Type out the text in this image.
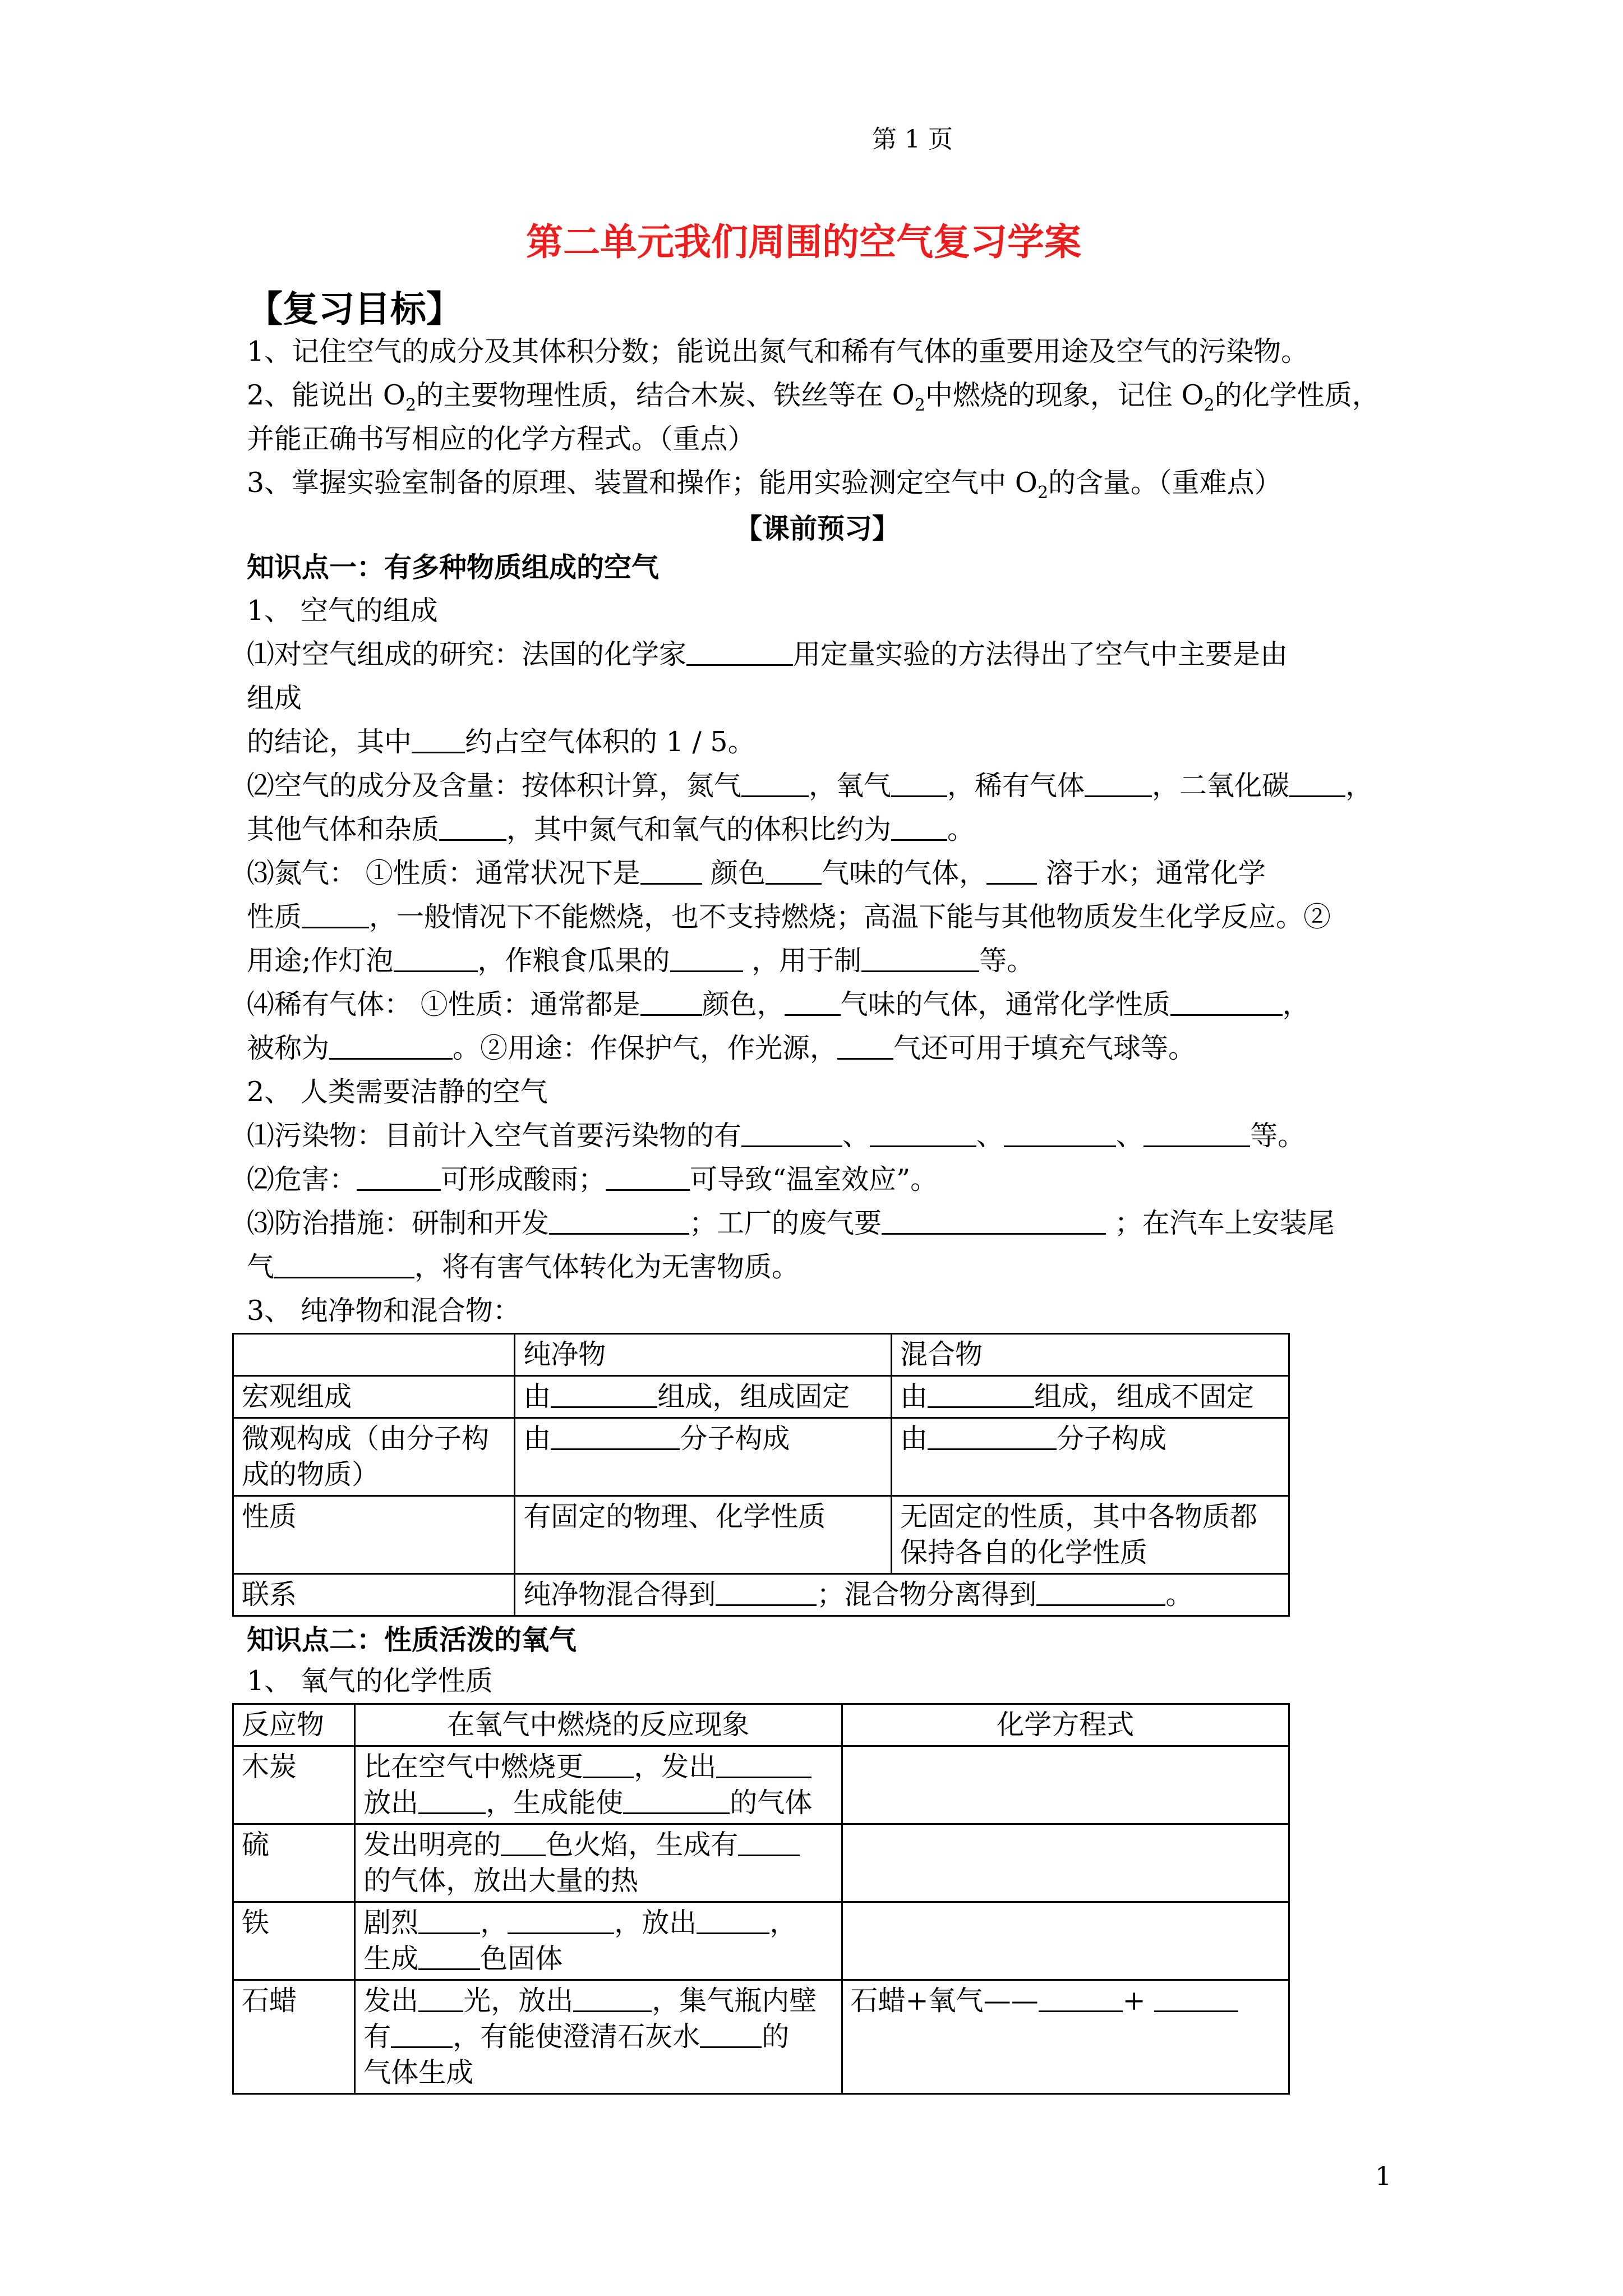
第 1 页
第二单元我们周围的空气复习学案
【复习目标】
1、记住空气的成分及其体积分数；能说出氮气和稀有气体的重要用途及空气的污染物。
2、能说出 $O_2$的主要物理性质，结合木炭、铁丝等在 $O_2$中燃烧的现象，记住 $O_2$的化学性质，
并能正确书写相应的化学方程式。（重点）
3、掌握实验室制备的原理、装置和操作；能用实验测定空气中 $O_2$的含量。（重难点）
【课前预习】
知识点一：有多种物质组成的空气
1、 空气的组成
⑴对空气组成的研究：法国的化学家	用定量实验的方法得出了空气中主要是由
组成
的结论，其中 约占空气体积的 1 / 5。
⑵空气的成分及含量：按体积计算，氮气 ，氧气 ，稀有气体 ，二氧化碳 ，
其他气体和杂质 ，其中氮气和氧气的体积比约为 。
⑶氮气： ①性质：通常状况下是 颜色 气味的气体， 溶于水；通常化学
性质 ，一般情况下不能燃烧，也不支持燃烧；高温下能与其他物质发生化学反应。②
用途;作灯泡	，作粮食瓜果的	，用于制	等。
⑷稀有气体： ①性质：通常都是 颜色， 气味的气体，通常化学性质	，
被称为	。②用途：作保护气，作光源， 气还可用于填充气球等。
2、 人类需要洁静的空气
⑴污染物：目前计入空气首要污染物的有	、	、	、	等。
⑵危害：	可形成酸雨；	可导致“温室效应”。
⑶防治措施：研制和开发	；工厂的废气要	；在汽车上安装尾
气	，将有害气体转化为无害物质。
3、 纯净物和混合物：
	纯净物	混合物
宏观组成	由 组成，组成固定	由 组成，组成不固定

微观构成（由分子构
成的物质）	由 分子构成	由 分子构成
性质	有固定的物理、化学性质	无固定的性质，其中各物质都
保持各自的化学性质

联系	纯净物混合得到 ；混合物分离得到 。	
知识点二：性质活泼的氧气
1、 氧气的化学性质
反应物	在氧气中燃烧的反应现象	化学方程式
木炭	比在空气中燃烧更 ，发出
放出 ，生成能使 的气体	

硫	发出明亮的 色火焰，生成有
的气体，放出大量的热	

铁	剧烈 ， ，放出 ，
生成 色固体	

石蜡	发出 光，放出 ，集气瓶内壁
有 ，有能使澄清石灰水 的
气体生成	石蜡+氧气—— +
1
